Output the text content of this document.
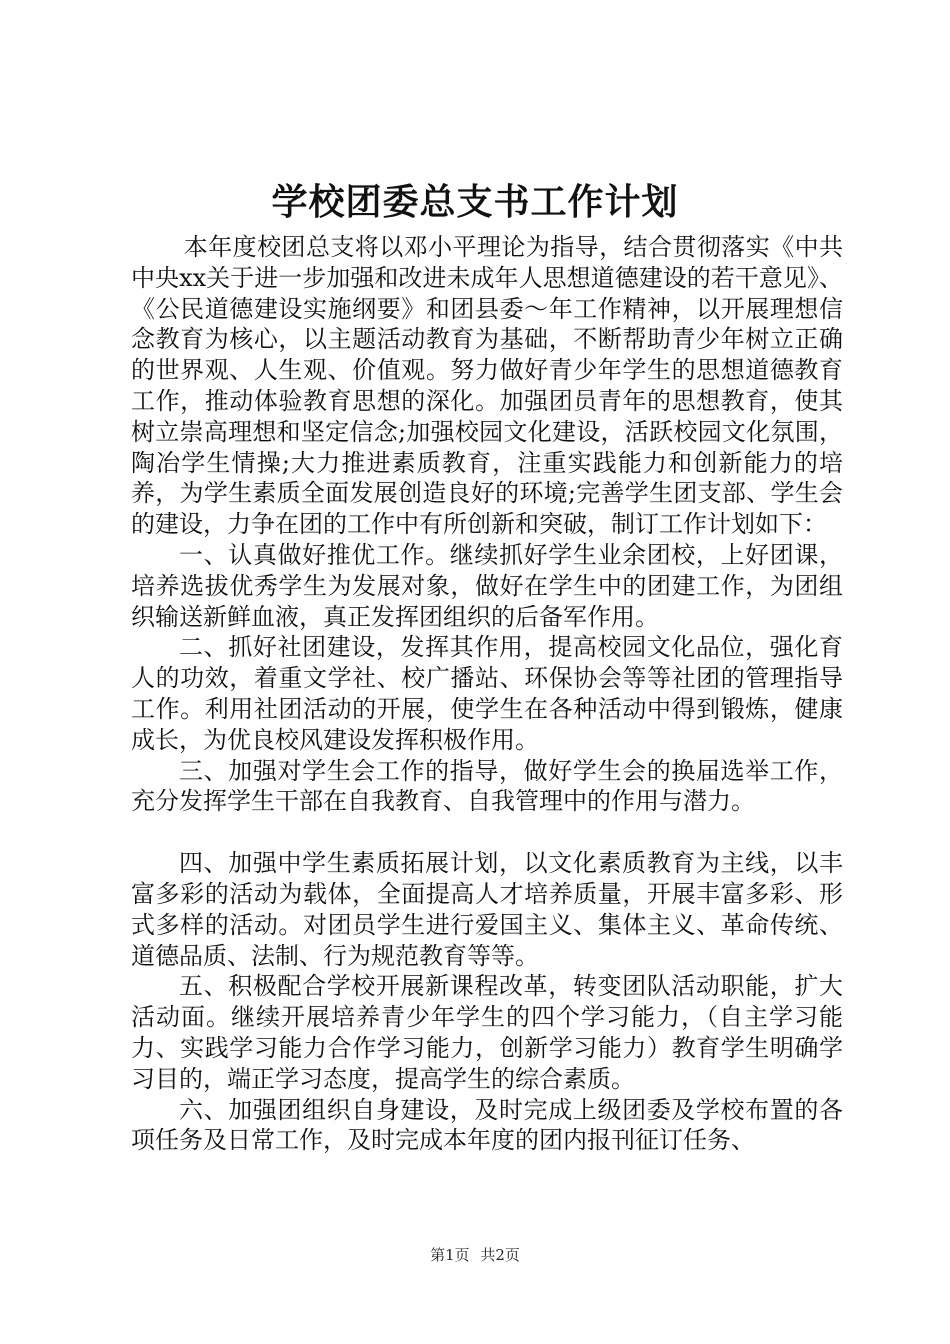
学校团委总支书工作计划

本年度校团总支将以邓小平理论为指导，结合贯彻落实《中共中央xx关于进一步加强和改进未成年人思想道德建设的若干意见》、《公民道德建设实施纲要》和团县委～年工作精神，以开展理想信念教育为核心，以主题活动教育为基础，不断帮助青少年树立正确的世界观、人生观、价值观。努力做好青少年学生的思想道德教育工作，推动体验教育思想的深化。加强团员青年的思想教育，使其树立崇高理想和坚定信念;加强校园文化建设，活跃校园文化氛围，陶冶学生情操;大力推进素质教育，注重实践能力和创新能力的培养，为学生素质全面发展创造良好的环境;完善学生团支部、学生会的建设，力争在团的工作中有所创新和突破，制订工作计划如下：

一、认真做好推优工作。继续抓好学生业余团校，上好团课，培养选拔优秀学生为发展对象，做好在学生中的团建工作，为团组织输送新鲜血液，真正发挥团组织的后备军作用。

二、抓好社团建设，发挥其作用，提高校园文化品位，强化育人的功效，着重文学社、校广播站、环保协会等等社团的管理指导工作。利用社团活动的开展，使学生在各种活动中得到锻炼，健康成长，为优良校风建设发挥积极作用。

三、加强对学生会工作的指导，做好学生会的换届选举工作，充分发挥学生干部在自我教育、自我管理中的作用与潜力。

四、加强中学生素质拓展计划，以文化素质教育为主线，以丰富多彩的活动为载体，全面提高人才培养质量，开展丰富多彩、形式多样的活动。对团员学生进行爱国主义、集体主义、革命传统、道德品质、法制、行为规范教育等等。

五、积极配合学校开展新课程改革，转变团队活动职能，扩大活动面。继续开展培养青少年学生的四个学习能力，（自主学习能力、实践学习能力合作学习能力，创新学习能力）教育学生明确学习目的，端正学习态度，提高学生的综合素质。

六、加强团组织自身建设，及时完成上级团委及学校布置的各项任务及日常工作，及时完成本年度的团内报刊征订任务、

第1页 共2页
